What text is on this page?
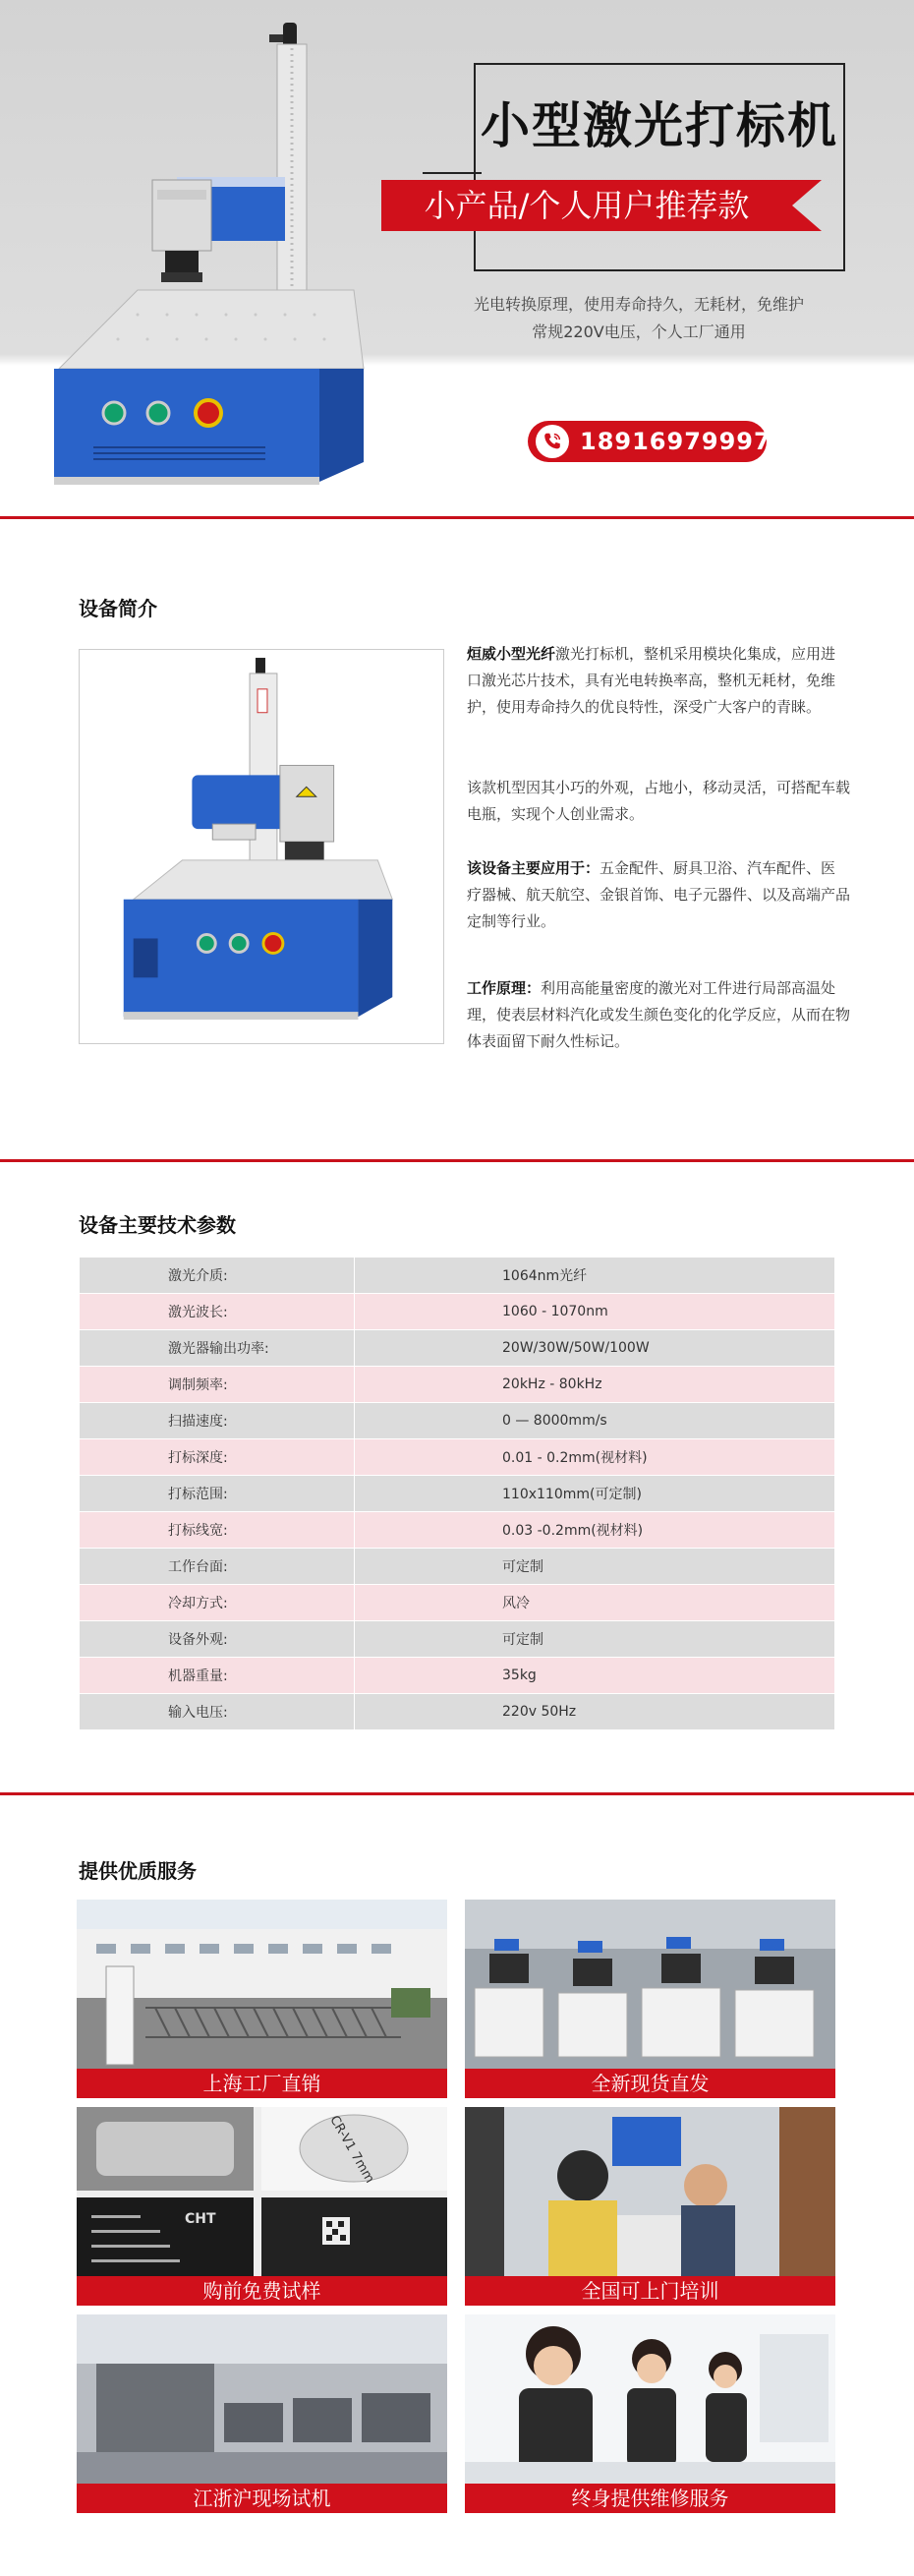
小型激光打标机
小产品/个人用户推荐款
光电转换原理，使用寿命持久，无耗材，免维护
常规220V电压，个人工厂通用
18916979997
设备简介
烜威小型光纤激光打标机，整机采用模块化集成，应用进口激光芯片技术，具有光电转换率高，整机无耗材，免维护，使用寿命持久的优良特性，深受广大客户的青睐。
该款机型因其小巧的外观，占地小，移动灵活，可搭配车载电瓶，实现个人创业需求。
该设备主要应用于：五金配件、厨具卫浴、汽车配件、医疗器械、航天航空、金银首饰、电子元器件、以及高端产品定制等行业。
工作原理：利用高能量密度的激光对工件进行局部高温处理，使表层材料汽化或发生颜色变化的化学反应，从而在物体表面留下耐久性标记。
设备主要技术参数
激光介质:	1064nm光纤
激光波长:	1060 - 1070nm
激光器输出功率:	20W/30W/50W/100W
调制频率:	20kHz - 80kHz
扫描速度:	0 — 8000mm/s
打标深度:	0.01 - 0.2mm(视材料)
打标范围:	110x110mm(可定制)
打标线宽:	0.03 -0.2mm(视材料)
工作台面:	可定制
冷却方式:	风冷
设备外观:	可定制
机器重量:	35kg
输入电压:	220v 50Hz
提供优质服务
上海工厂直销	全新现货直发
CR-V1 7mm
CHT
购前免费试样	全国可上门培训
江浙沪现场试机	终身提供维修服务
